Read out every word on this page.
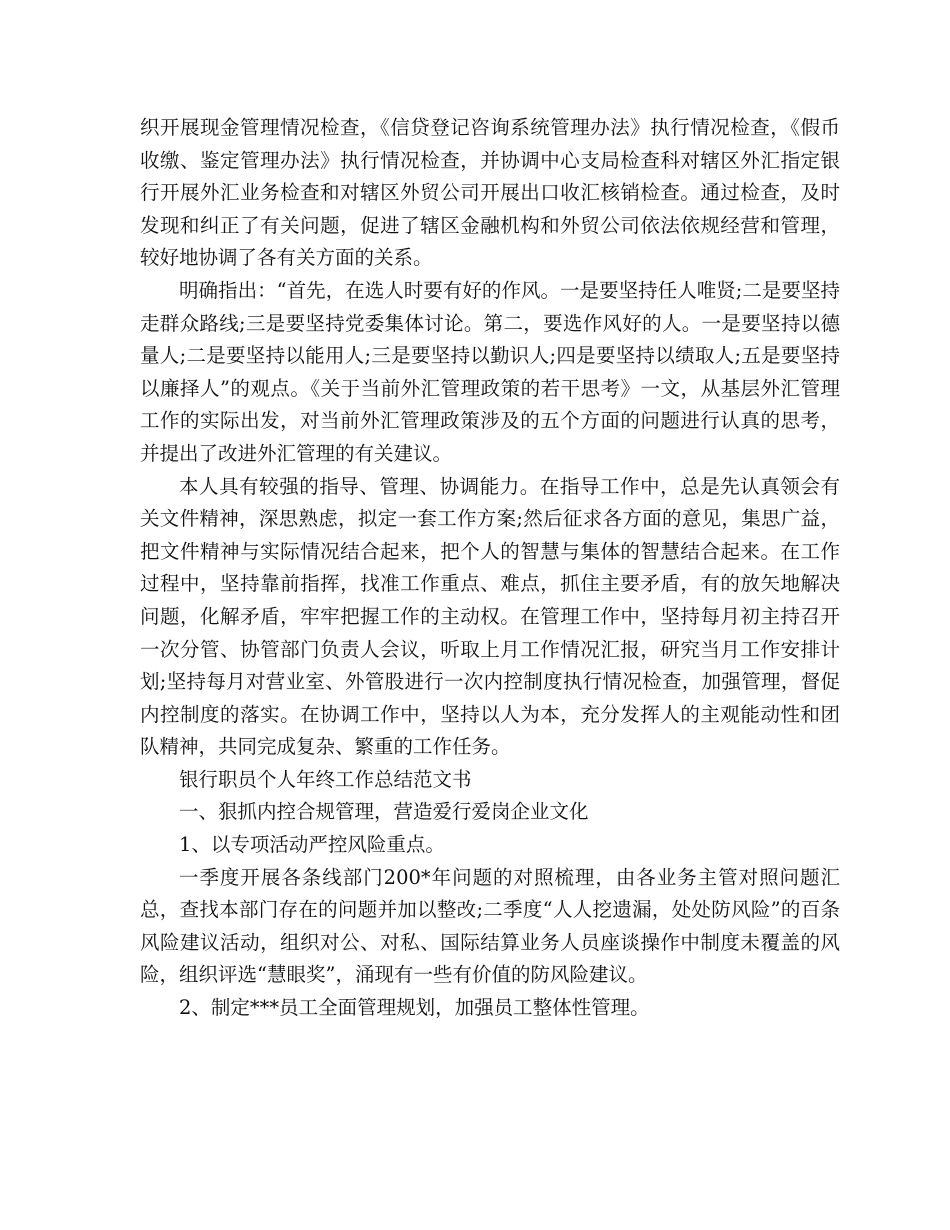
织开展现金管理情况检查，《信贷登记咨询系统管理办法》执行情况检查，《假币收缴、鉴定管理办法》执行情况检查，并协调中心支局检查科对辖区外汇指定银行开展外汇业务检查和对辖区外贸公司开展出口收汇核销检查。通过检查，及时发现和纠正了有关问题，促进了辖区金融机构和外贸公司依法依规经营和管理，较好地协调了各有关方面的关系。

明确指出：“首先，在选人时要有好的作风。一是要坚持任人唯贤;二是要坚持走群众路线;三是要坚持党委集体讨论。第二，要选作风好的人。一是要坚持以德量人;二是要坚持以能用人;三是要坚持以勤识人;四是要坚持以绩取人;五是要坚持以廉择人”的观点。《关于当前外汇管理政策的若干思考》一文，从基层外汇管理工作的实际出发，对当前外汇管理政策涉及的五个方面的问题进行认真的思考，并提出了改进外汇管理的有关建议。

本人具有较强的指导、管理、协调能力。在指导工作中，总是先认真领会有关文件精神，深思熟虑，拟定一套工作方案;然后征求各方面的意见，集思广益，把文件精神与实际情况结合起来，把个人的智慧与集体的智慧结合起来。在工作过程中，坚持靠前指挥，找准工作重点、难点，抓住主要矛盾，有的放矢地解决问题，化解矛盾，牢牢把握工作的主动权。在管理工作中，坚持每月初主持召开一次分管、协管部门负责人会议，听取上月工作情况汇报，研究当月工作安排计划;坚持每月对营业室、外管股进行一次内控制度执行情况检查，加强管理，督促内控制度的落实。在协调工作中，坚持以人为本，充分发挥人的主观能动性和团队精神，共同完成复杂、繁重的工作任务。

银行职员个人年终工作总结范文书

一、狠抓内控合规管理，营造爱行爱岗企业文化

1、以专项活动严控风险重点。

一季度开展各条线部门200*年问题的对照梳理，由各业务主管对照问题汇总，查找本部门存在的问题并加以整改;二季度“人人挖遗漏，处处防风险”的百条风险建议活动，组织对公、对私、国际结算业务人员座谈操作中制度未覆盖的风险，组织评选“慧眼奖”，涌现有一些有价值的防风险建议。

2、制定***员工全面管理规划，加强员工整体性管理。
